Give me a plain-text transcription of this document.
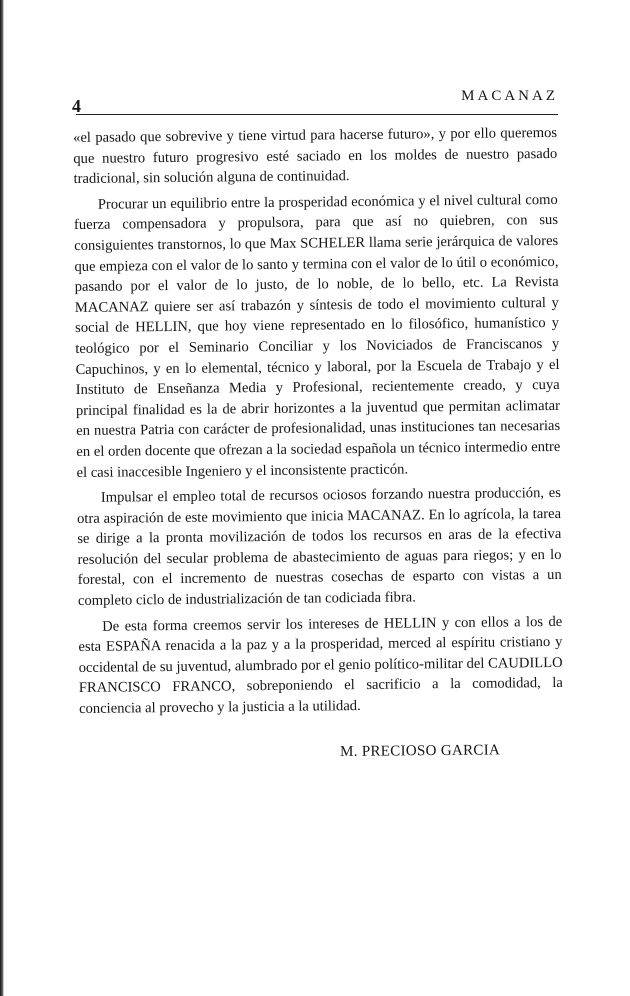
4	MACANAZ

«el pasado que sobrevive y tiene virtud para hacerse futuro», y por ello queremos que nuestro futuro progresivo esté saciado en los moldes de nuestro pasado tradicional, sin solución alguna de continuidad.

Procurar un equilibrio entre la prosperidad económica y el nivel cultural como fuerza compensadora y propulsora, para que así no quiebren, con sus consiguientes transtornos, lo que Max SCHELER llama serie jerárquica de valores que empieza con el valor de lo santo y termina con el valor de lo útil o económico, pasando por el valor de lo justo, de lo noble, de lo bello, etc. La Revista MACANAZ quiere ser así trabazón y síntesis de todo el movimiento cultural y social de HELLIN, que hoy viene representado en lo filosófico, humanístico y teológico por el Seminario Conciliar y los Noviciados de Franciscanos y Capuchinos, y en lo elemental, técnico y laboral, por la Escuela de Trabajo y el Instituto de Enseñanza Media y Profesional, recientemente creado, y cuya principal finalidad es la de abrir horizontes a la juventud que permitan aclimatar en nuestra Patria con carácter de profesionalidad, unas instituciones tan necesarias en el orden docente que ofrezan a la sociedad española un técnico intermedio entre el casi inaccesible Ingeniero y el inconsistente practicón.

Impulsar el empleo total de recursos ociosos forzando nuestra producción, es otra aspiración de este movimiento que inicia MACANAZ. En lo agrícola, la tarea se dirige a la pronta movilización de todos los recursos en aras de la efectiva resolución del secular problema de abastecimiento de aguas para riegos; y en lo forestal, con el incremento de nuestras cosechas de esparto con vistas a un completo ciclo de industrialización de tan codiciada fibra.

De esta forma creemos servir los intereses de HELLIN y con ellos a los de esta ESPAÑA renacida a la paz y a la prosperidad, merced al espíritu cristiano y occidental de su juventud, alumbrado por el genio político-militar del CAUDILLO FRANCISCO FRANCO, sobreponiendo el sacrificio a la comodidad, la conciencia al provecho y la justicia a la utilidad.

M. PRECIOSO GARCIA
